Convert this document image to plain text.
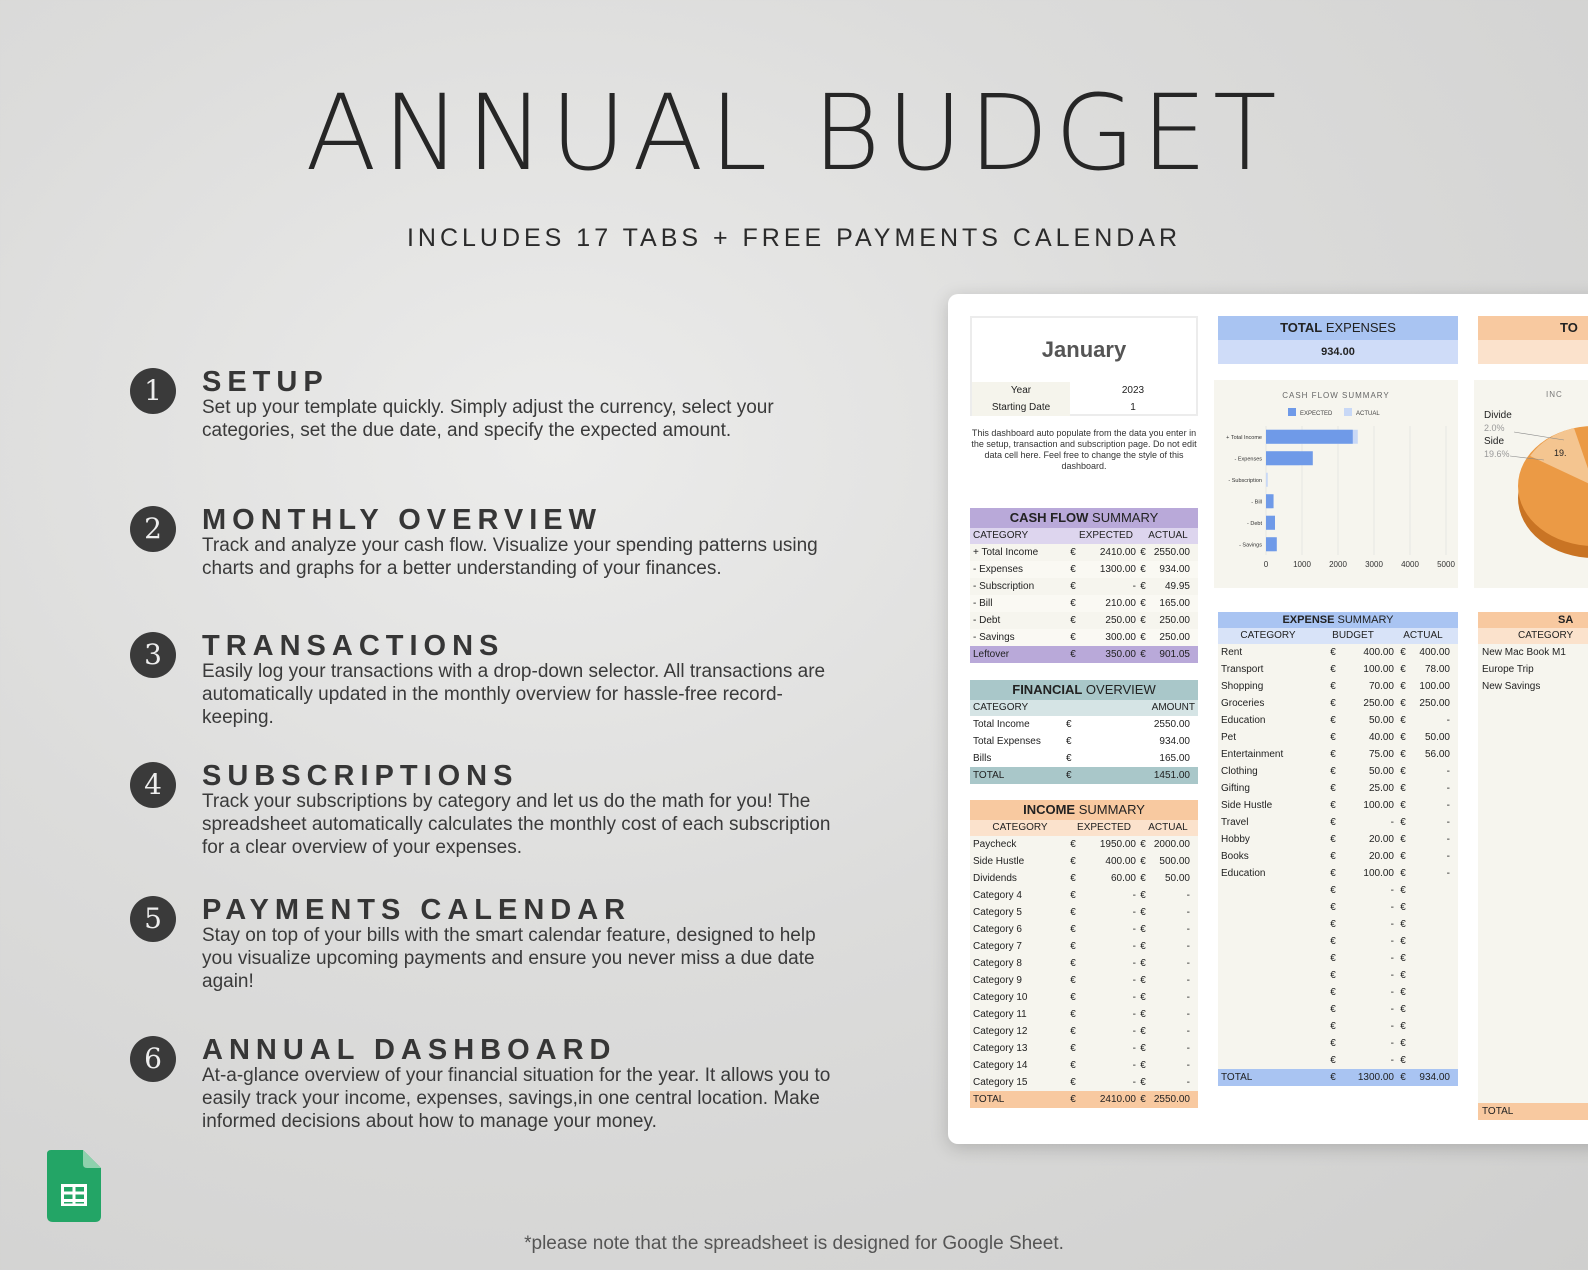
ANNUAL BUDGET
INCLUDES 17 TABS + FREE PAYMENTS CALENDAR
1	SETUP
Set up your template quickly. Simply adjust the currency, select your categories, set the due date, and specify the expected amount.
2	MONTHLY OVERVIEW
Track and analyze your cash flow. Visualize your spending patterns using charts and graphs for a better understanding of your finances.
3	TRANSACTIONS
Easily log your transactions with a drop-down selector. All transactions are automatically updated in the monthly overview for hassle-free record-keeping.
4	SUBSCRIPTIONS
Track your subscriptions by category and let us do the math for you! The spreadsheet automatically calculates the monthly cost of each subscription for a clear overview of your expenses.
5	PAYMENTS CALENDAR
Stay on top of your bills with the smart calendar feature, designed to help you visualize upcoming payments and ensure you never miss a due date again!
6	ANNUAL DASHBOARD
At-a-glance overview of your financial situation for the year. It allows you to easily track your income, expenses, savings,in one central location. Make informed decisions about how to manage your money.
*please note that the spreadsheet is designed for Google Sheet.
January
Year	2023
Starting Date	1
This dashboard auto populate from the data you enter in the setup, transaction and subscription page. Do not edit data cell here. Feel free to change the style of this dashboard.
CASH FLOW SUMMARY
CATEGORY	EXPECTED	ACTUAL
+ Total Income	€	2410.00 € 2550.00
- Expenses	€	1300.00 €	934.00
- Subscription	€	- €	49.95
- Bill	€	210.00 €	165.00
- Debt	€	250.00 €	250.00
- Savings	€	300.00 €	250.00
Leftover	€	350.00 €	901.05
FINANCIAL OVERVIEW
CATEGORY	AMOUNT
Total Income	€	2550.00
Total Expenses	€	934.00
Bills	€	165.00
TOTAL	€	1451.00
INCOME SUMMARY
CATEGORY	EXPECTED	ACTUAL
Paycheck	€	1950.00 € 2000.00
Side Hustle	€	400.00 €	500.00
Dividends	€	60.00 €	50.00
Category 4	€	- €	-
Category 5	€	- €	-
Category 6	€	- €	-
Category 7	€	- €	-
Category 8	€	- €	-
Category 9	€	- €	-
Category 10	€	- €	-
Category 11	€	- €	-
Category 12	€	- €	-
Category 13	€	- €	-
Category 14	€	- €	-
Category 15	€	- €	-
TOTAL	€	2410.00 € 2550.00
TOTAL EXPENSES
934.00
CASH FLOW SUMMARY
EXPECTED	ACTUAL
0	1000 2000 3000 4000 5000
+ Total Income
- Expenses
- Subscription
- Bill
- Debt
- Savings
EXPENSE SUMMARY
CATEGORY	BUDGET	ACTUAL
Rent	€	400.00 €	400.00
Transport	€	100.00 €	78.00
Shopping	€	70.00 €	100.00
Groceries	€	250.00 €	250.00
Education	€	50.00 €	-
Pet	€	40.00 €	50.00
Entertainment	€	75.00 €	56.00
Clothing	€	50.00 €	-
Gifting	€	25.00 €	-
Side Hustle	€	100.00 €	-
Travel	€	- €	-
Hobby	€	20.00 €	-
Books	€	20.00 €	-
Education	€	100.00 €	-
€	- €
€	- €
€	- €
€	- €
€	- €
€	- €
€	- €
€	- €
€	- €
€	- €
€	- €
TOTAL	€	1300.00 €	934.00
TO
INC
Divide
2.0%
Side
19.6%	19.
SA
CATEGORY
New Mac Book M1
Europe Trip
New Savings
TOTAL
